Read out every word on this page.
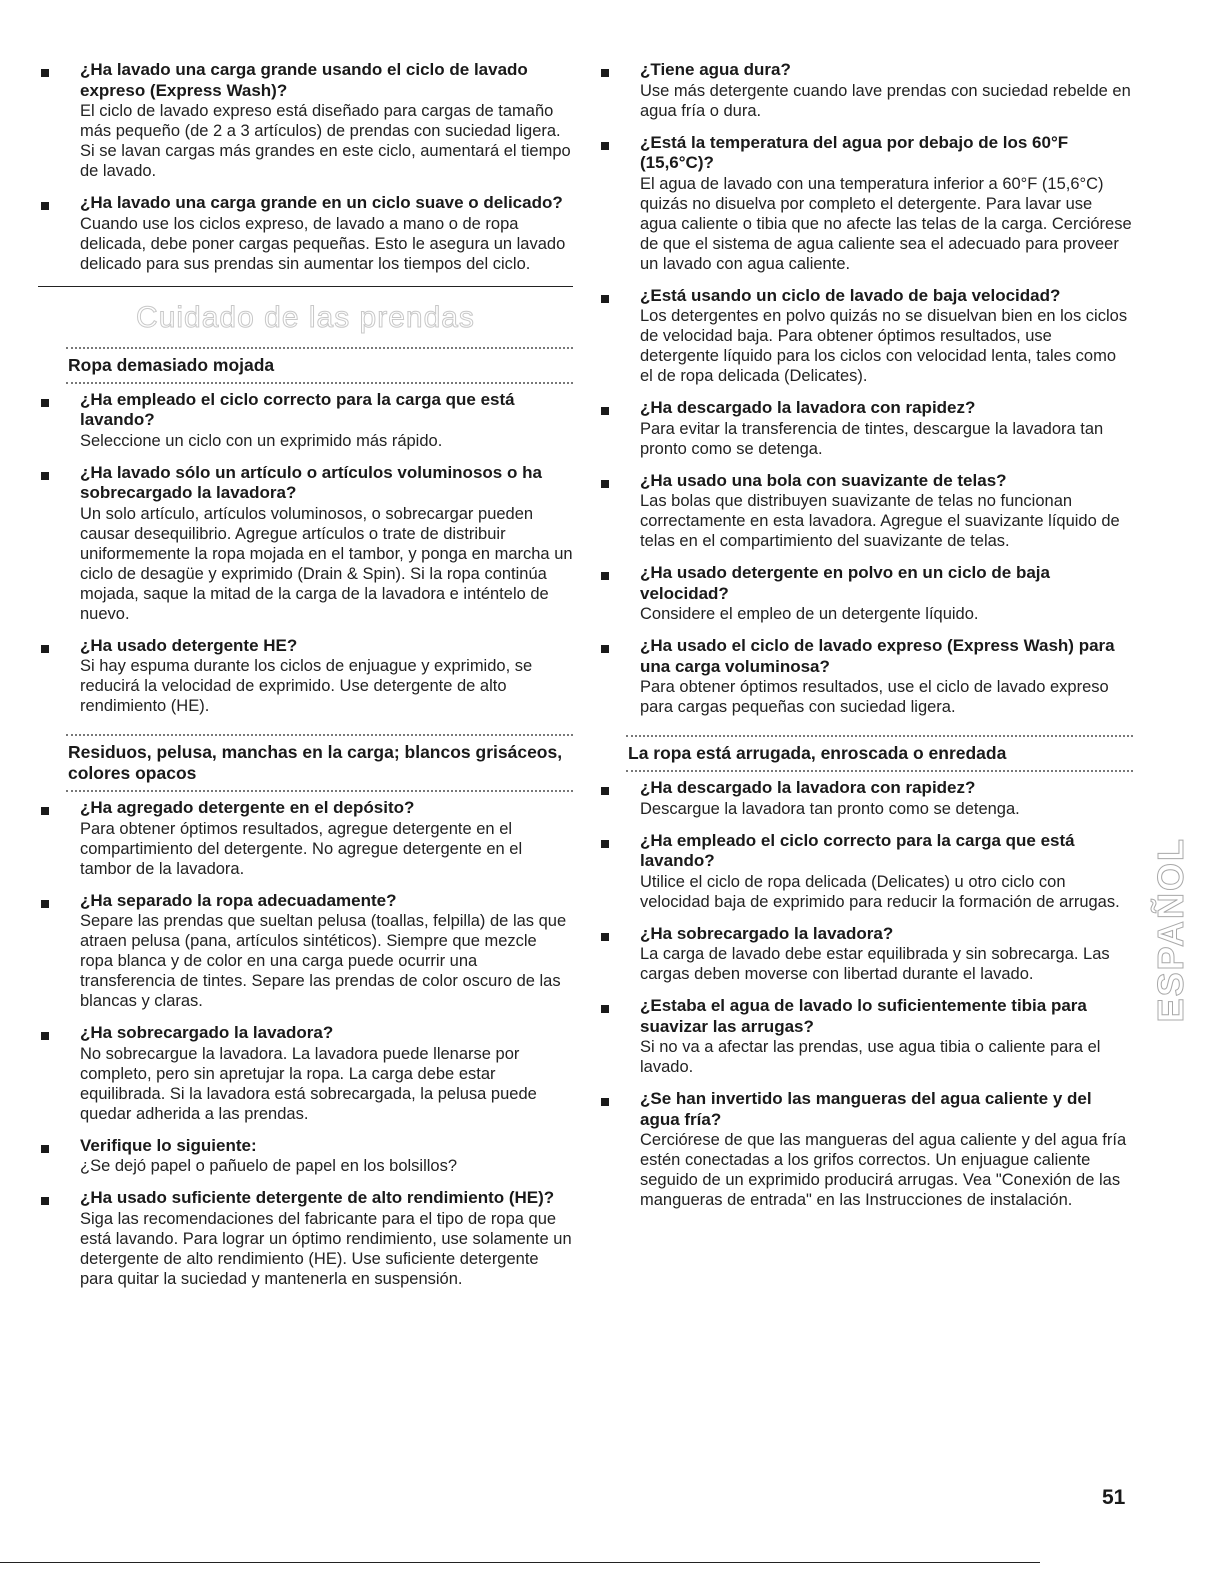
¿Ha lavado una carga grande usando el ciclo de lavado expreso (Express Wash)?
El ciclo de lavado expreso está diseñado para cargas de tamaño más pequeño (de 2 a 3 artículos) de prendas con suciedad ligera. Si se lavan cargas más grandes en este ciclo, aumentará el tiempo de lavado.
¿Ha lavado una carga grande en un ciclo suave o delicado?
Cuando use los ciclos expreso, de lavado a mano o de ropa delicada, debe poner cargas pequeñas. Esto le asegura un lavado delicado para sus prendas sin aumentar los tiempos del ciclo.
Cuidado de las prendas
Ropa demasiado mojada
¿Ha empleado el ciclo correcto para la carga que está lavando?
Seleccione un ciclo con un exprimido más rápido.
¿Ha lavado sólo un artículo o artículos voluminosos o ha sobrecargado la lavadora?
Un solo artículo, artículos voluminosos, o sobrecargar pueden causar desequilibrio. Agregue artículos o trate de distribuir uniformemente la ropa mojada en el tambor, y ponga en marcha un ciclo de desagüe y exprimido (Drain & Spin). Si la ropa continúa mojada, saque la mitad de la carga de la lavadora e inténtelo de nuevo.
¿Ha usado detergente HE?
Si hay espuma durante los ciclos de enjuague y exprimido, se reducirá la velocidad de exprimido. Use detergente de alto rendimiento (HE).
Residuos, pelusa, manchas en la carga; blancos grisáceos, colores opacos
¿Ha agregado detergente en el depósito?
Para obtener óptimos resultados, agregue detergente en el compartimiento del detergente. No agregue detergente en el tambor de la lavadora.
¿Ha separado la ropa adecuadamente?
Separe las prendas que sueltan pelusa (toallas, felpilla) de las que atraen pelusa (pana, artículos sintéticos). Siempre que mezcle ropa blanca y de color en una carga puede ocurrir una transferencia de tintes. Separe las prendas de color oscuro de las blancas y claras.
¿Ha sobrecargado la lavadora?
No sobrecargue la lavadora. La lavadora puede llenarse por completo, pero sin apretujar la ropa. La carga debe estar equilibrada. Si la lavadora está sobrecargada, la pelusa puede quedar adherida a las prendas.
Verifique lo siguiente:
¿Se dejó papel o pañuelo de papel en los bolsillos?
¿Ha usado suficiente detergente de alto rendimiento (HE)?
Siga las recomendaciones del fabricante para el tipo de ropa que está lavando. Para lograr un óptimo rendimiento, use solamente un detergente de alto rendimiento (HE). Use suficiente detergente para quitar la suciedad y mantenerla en suspensión.
¿Tiene agua dura?
Use más detergente cuando lave prendas con suciedad rebelde en agua fría o dura.
¿Está la temperatura del agua por debajo de los 60°F (15,6°C)?
El agua de lavado con una temperatura inferior a 60°F (15,6°C) quizás no disuelva por completo el detergente. Para lavar use agua caliente o tibia que no afecte las telas de la carga. Cerciórese de que el sistema de agua caliente sea el adecuado para proveer un lavado con agua caliente.
¿Está usando un ciclo de lavado de baja velocidad?
Los detergentes en polvo quizás no se disuelvan bien en los ciclos de velocidad baja. Para obtener óptimos resultados, use detergente líquido para los ciclos con velocidad lenta, tales como el de ropa delicada (Delicates).
¿Ha descargado la lavadora con rapidez?
Para evitar la transferencia de tintes, descargue la lavadora tan pronto como se detenga.
¿Ha usado una bola con suavizante de telas?
Las bolas que distribuyen suavizante de telas no funcionan correctamente en esta lavadora. Agregue el suavizante líquido de telas en el compartimiento del suavizante de telas.
¿Ha usado detergente en polvo en un ciclo de baja velocidad?
Considere el empleo de un detergente líquido.
¿Ha usado el ciclo de lavado expreso (Express Wash) para una carga voluminosa?
Para obtener óptimos resultados, use el ciclo de lavado expreso para cargas pequeñas con suciedad ligera.
La ropa está arrugada, enroscada o enredada
¿Ha descargado la lavadora con rapidez?
Descargue la lavadora tan pronto como se detenga.
¿Ha empleado el ciclo correcto para la carga que está lavando?
Utilice el ciclo de ropa delicada (Delicates) u otro ciclo con velocidad baja de exprimido para reducir la formación de arrugas.
¿Ha sobrecargado la lavadora?
La carga de lavado debe estar equilibrada y sin sobrecarga. Las cargas deben moverse con libertad durante el lavado.
¿Estaba el agua de lavado lo suficientemente tibia para suavizar las arrugas?
Si no va a afectar las prendas, use agua tibia o caliente para el lavado.
¿Se han invertido las mangueras del agua caliente y del agua fría?
Cerciórese de que las mangueras del agua caliente y del agua fría estén conectadas a los grifos correctos. Un enjuague caliente seguido de un exprimido producirá arrugas. Vea "Conexión de las mangueras de entrada" en las Instrucciones de instalación.
ESPAÑOL
51
